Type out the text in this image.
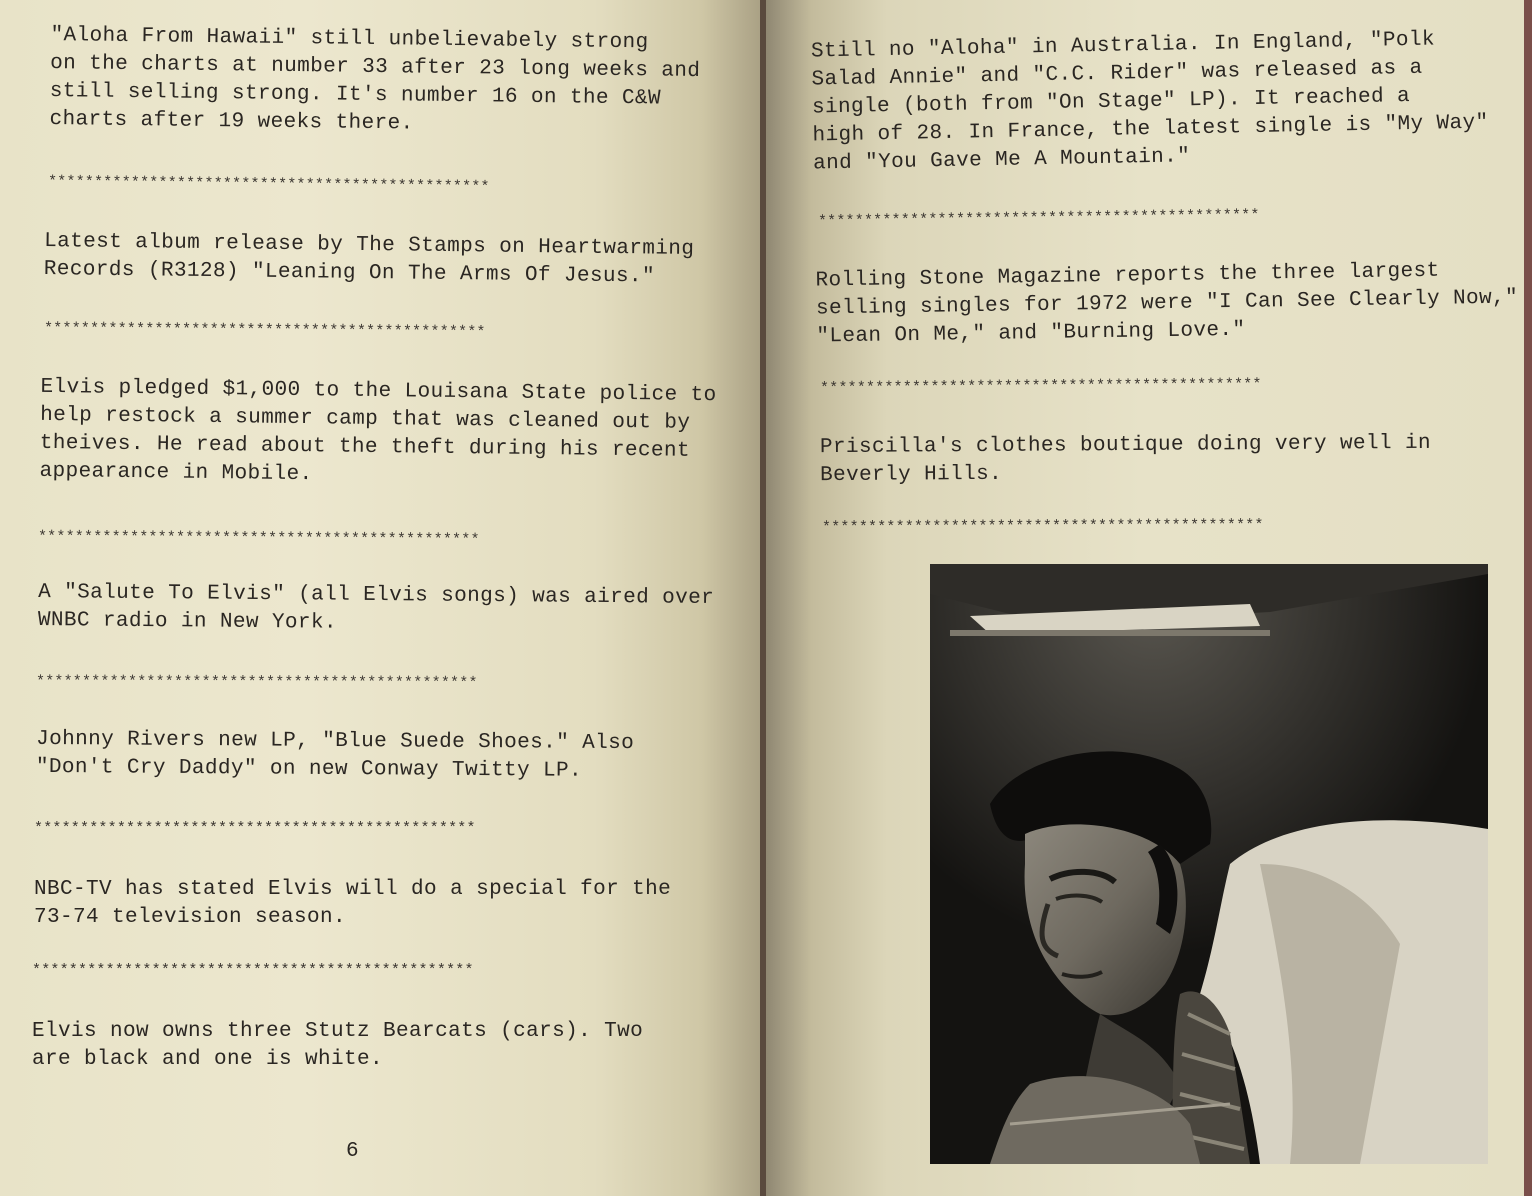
"Aloha From Hawaii" still unbelievabely strong
on the charts at number 33 after 23 long weeks and
still selling strong. It's number 16 on the C&W
charts after 19 weeks there.
************************************************
Latest album release by The Stamps on Heartwarming
Records (R3128) "Leaning On The Arms Of Jesus."
************************************************
Elvis pledged $1,000 to the Louisana State police to
help restock a summer camp that was cleaned out by
theives. He read about the theft during his recent
appearance in Mobile.
************************************************
A "Salute To Elvis" (all Elvis songs) was aired over
WNBC radio in New York.
************************************************
Johnny Rivers new LP, "Blue Suede Shoes." Also
"Don't Cry Daddy" on new Conway Twitty LP.
************************************************
NBC-TV has stated Elvis will do a special for the
73-74 television season.
************************************************
Elvis now owns three Stutz Bearcats (cars). Two
are black and one is white.
6
Still no "Aloha" in Australia. In England, "Polk
Salad Annie" and "C.C. Rider" was released as a
single (both from "On Stage" LP). It reached a
high of 28. In France, the latest single is "My Way"
and "You Gave Me A Mountain."
************************************************
Rolling Stone Magazine reports the three largest
selling singles for 1972 were "I Can See Clearly Now,"
"Lean On Me," and "Burning Love."
************************************************
Priscilla's clothes boutique doing very well in
Beverly Hills.
************************************************
